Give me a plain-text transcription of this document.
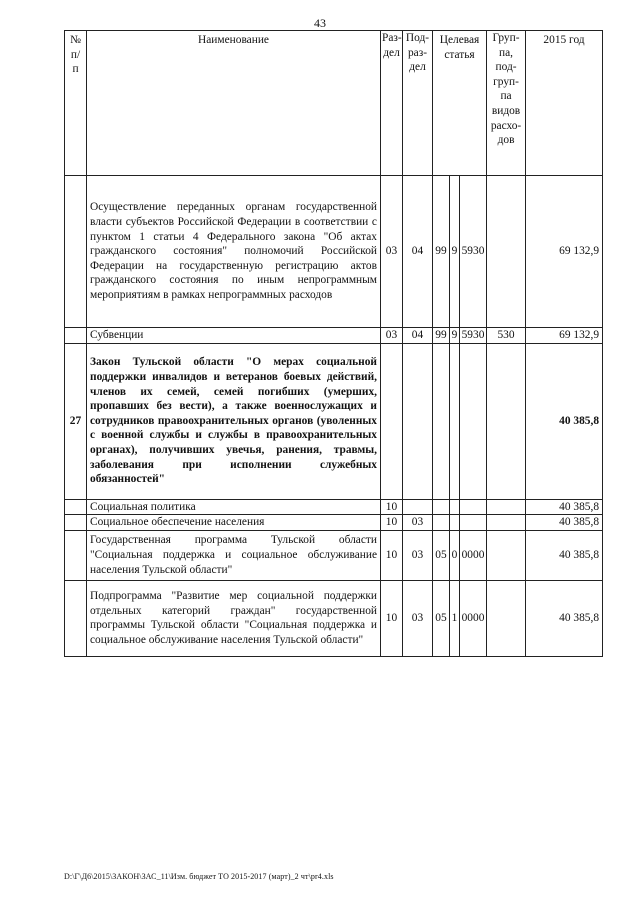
43
№ п/п	Наименование	Раз-дел	Под-раз-дел	Целевая статья			Груп-па, под-груп-па видов расхо-дов	2015 год
	Осуществление переданных органам государственной власти субъектов Российской Федерации в соответствии с пунктом 1 статьи 4 Федерального закона "Об актах гражданского состояния" полномочий Российской Федерации на государственную регистрацию актов гражданского состояния по иным непрограммным мероприятиям в рамках непрограммных расходов	03	04	99	9	5930		69 132,9
	Субвенции	03	04	99	9	5930	530	69 132,9
27	Закон Тульской области "О мерах социальной поддержки инвалидов и ветеранов боевых действий, членов их семей, семей погибших (умерших, пропавших без вести), а также военнослужащих и сотрудников правоохранительных органов (уволенных с военной службы и службы в правоохранительных органах), получивших увечья, ранения, травмы, заболевания при исполнении служебных обязанностей"							40 385,8
	Социальная политика	10						40 385,8
	Социальное обеспечение населения	10	03					40 385,8
	Государственная программа Тульской области "Социальная поддержка и социальное обслуживание населения Тульской области"	10	03	05	0	0000		40 385,8
	Подпрограмма "Развитие мер социальной поддержки отдельных категорий граждан" государственной программы Тульской области "Социальная поддержка и социальное обслуживание населения Тульской области"	10	03	05	1	0000		40 385,8
D:\Г\Д6\2015\ЗАКОН\ЗАС_11\Изм. бюджет ТО 2015-2017 (март)_2 чт\pr4.xls
